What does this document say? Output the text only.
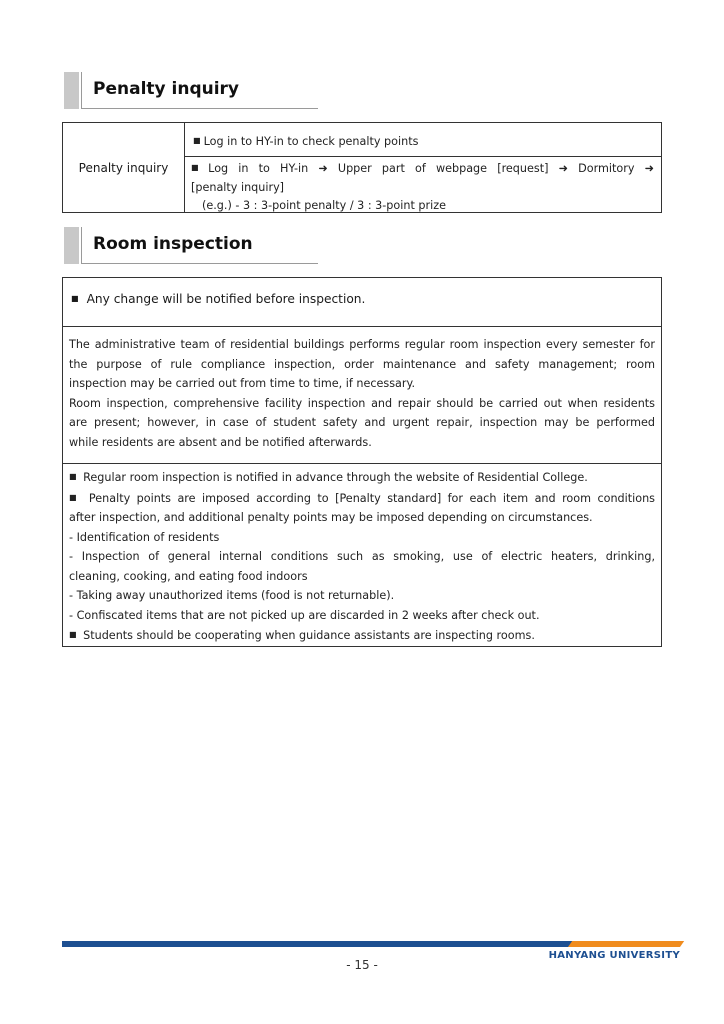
Penalty inquiry
Penalty inquiry
■ Log in to HY-in to check penalty points
■ Log in to HY-in ➜ Upper part of webpage [request] ➜ Dormitory ➜
[penalty inquiry]
(e.g.) - 3 : 3-point penalty / 3 : 3-point prize
Room inspection
■ Any change will be notified before inspection.
The administrative team of residential buildings performs regular room inspection every semester for
the purpose of rule compliance inspection, order maintenance and safety management; room
inspection may be carried out from time to time, if necessary.
Room inspection, comprehensive facility inspection and repair should be carried out when residents
are present; however, in case of student safety and urgent repair, inspection may be performed
while residents are absent and be notified afterwards.
■ Regular room inspection is notified in advance through the website of Residential College.
■ Penalty points are imposed according to [Penalty standard] for each item and room conditions
after inspection, and additional penalty points may be imposed depending on circumstances.
- Identification of residents
- Inspection of general internal conditions such as smoking, use of electric heaters, drinking,
cleaning, cooking, and eating food indoors
- Taking away unauthorized items (food is not returnable).
- Confiscated items that are not picked up are discarded in 2 weeks after check out.
■ Students should be cooperating when guidance assistants are inspecting rooms.
HANYANG UNIVERSITY
- 15 -
